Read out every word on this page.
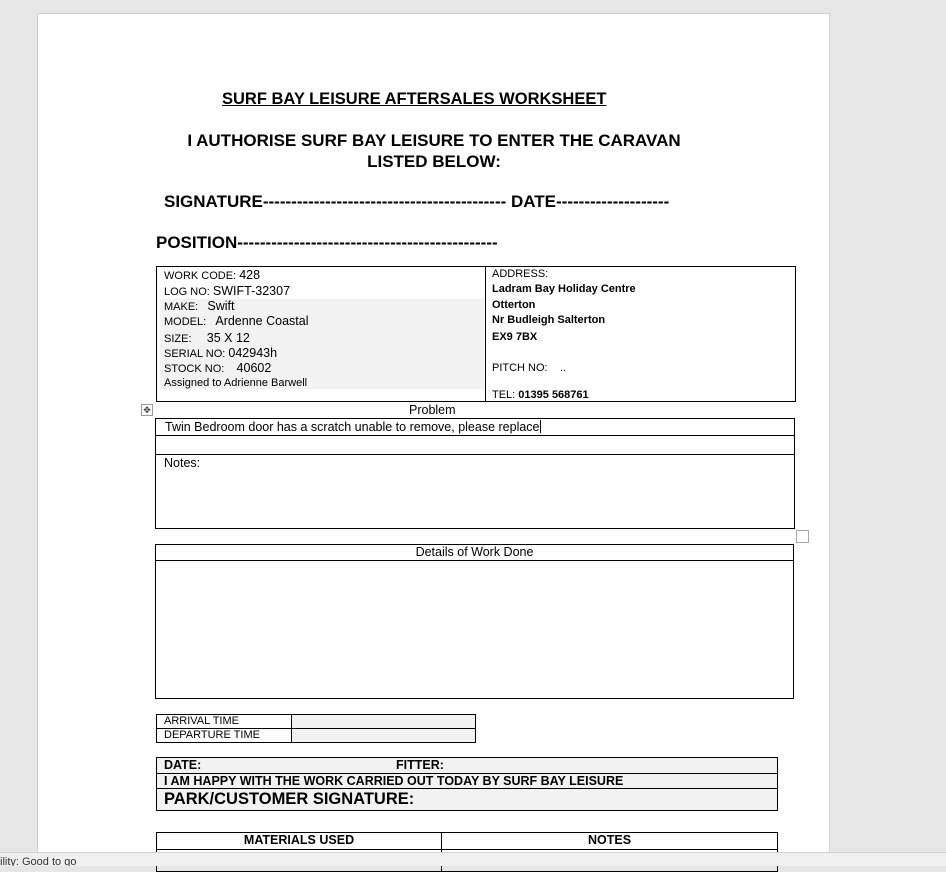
SURF BAY LEISURE AFTERSALES WORKSHEET
I AUTHORISE SURF BAY LEISURE TO ENTER THE CARAVAN LISTED BELOW:
SIGNATURE------------------------------------------- DATE--------------------
POSITION----------------------------------------------
WORK CODE: 428
LOG NO: SWIFT-32307
MAKE: Swift
MODEL: Ardenne Coastal
SIZE: 35 X 12
SERIAL NO: 042943h
STOCK NO: 40602
Assigned to Adrienne Barwell
ADDRESS:
Ladram Bay Holiday Centre
Otterton
Nr Budleigh Salterton
EX9 7BX
PITCH NO: ..
TEL: 01395 568761
✥	Problem
Twin Bedroom door has a scratch unable to remove, please replace
Notes:
Details of Work Done
ARRIVAL TIME
DEPARTURE TIME
DATE:	FITTER:
I AM HAPPY WITH THE WORK CARRIED OUT TODAY BY SURF BAY LEISURE
PARK/CUSTOMER SIGNATURE:
MATERIALS USED	NOTES
ility: Good to go
